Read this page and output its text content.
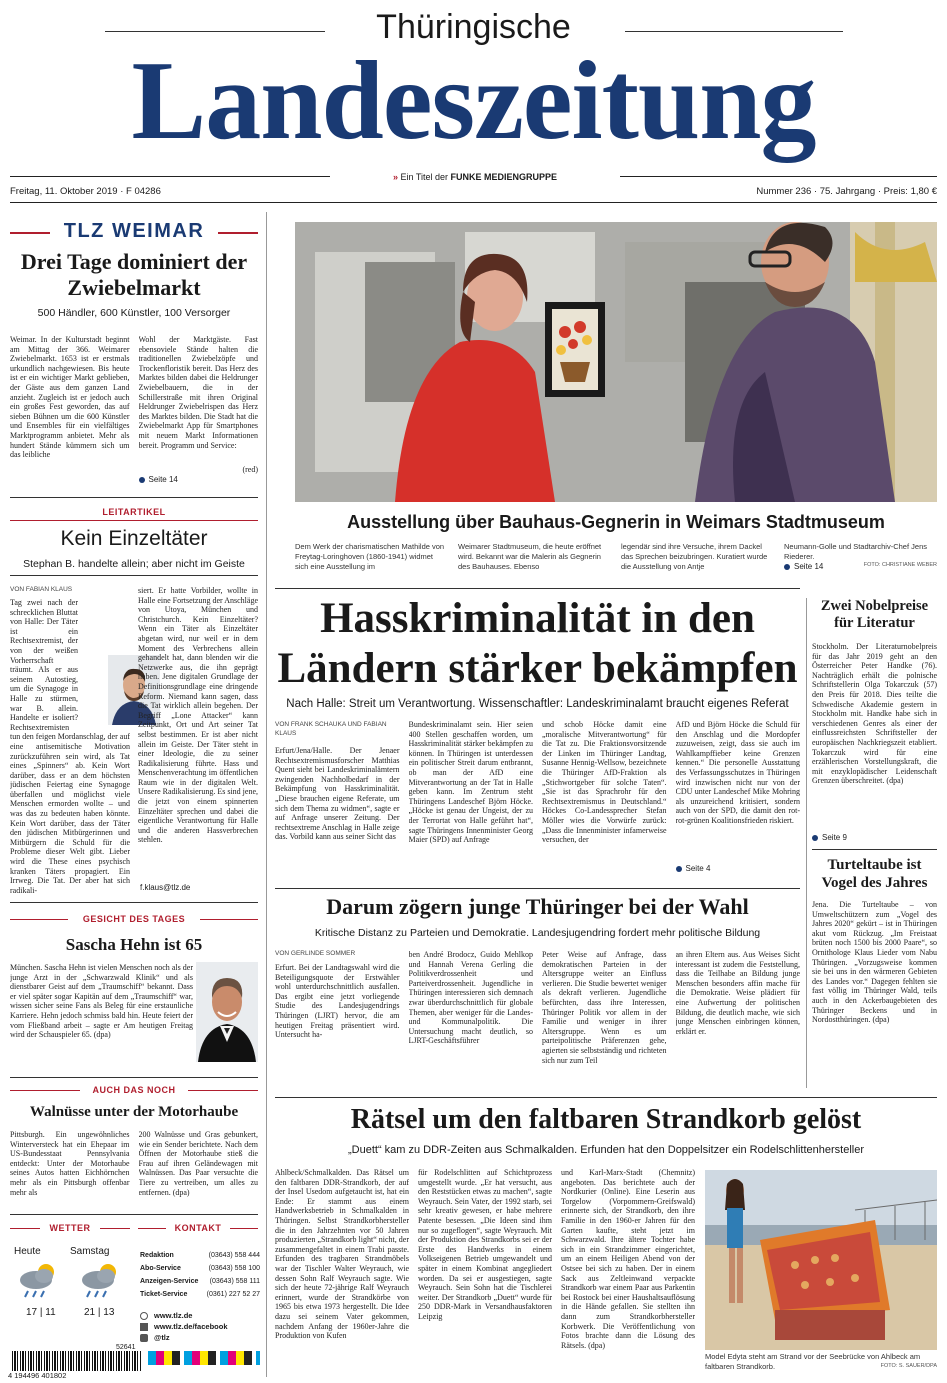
Thüringische
Landeszeitung
» Ein Titel der FUNKE MEDIENGRUPPE
Freitag, 11. Oktober 2019 · F 04286	Nummer 236 · 75. Jahrgang · Preis: 1,80 €
TLZ WEIMAR
Drei Tage dominiert der Zwiebelmarkt
500 Händler, 600 Künstler, 100 Versorger
Weimar. In der Kulturstadt beginnt am Mittag der 366. Weimarer Zwiebelmarkt. 1653 ist er erstmals urkundlich nachgewiesen. Bis heute ist er ein wichtiger Markt geblieben, der Gäste aus dem ganzen Land anzieht. Zugleich ist er jedoch auch ein großes Fest geworden, das auf sieben Bühnen um die 600 Künstler und Ensembles für ein vielfältiges Marktprogramm anbietet. Mehr als hundert Stände kümmern sich um das leibliche
Wohl der Marktgäste. Fast ebensoviele Stände halten die traditionellen Zwiebelzöpfe und Trockenfloristik bereit. Das Herz des Marktes bilden dabei die Heldrunger Zwiebelbauern, die in der Schillerstraße mit ihren Original Heldrunger Zwiebelrispen das Herz des Marktes bilden. Die Stadt hat die Zwiebelmarkt App für Smartphones mit neuem Markt Informationen bereit. Programm und Service:
(red)
Seite 14
LEITARTIKEL
Kein Einzeltäter
Stephan B. handelte allein; aber nicht im Geiste
VON FABIAN KLAUS
Tag zwei nach der schrecklichen Bluttat von Halle: Der Täter ist ein Rechtsextremist, der von der weißen Vorherrschaft träumt. Als er aus seinem Autostieg, um die Synagoge in Halle zu stürmen, war B. allein. Handelte er isoliert? Rechtsextremisten tun den feigen Mordanschlag, der auf eine antisemitische Motivation zurückzuführen sein wird, als Tat eines „Spinners“ ab. Kein Wort darüber, dass er an dem höchsten jüdischen Feiertag eine Synagoge überfallen und möglichst viele Menschen ermorden wollte – und was das zu bedeuten haben könnte. Kein Wort darüber, dass der Täter den jüdischen Mitbürgerinnen und Mitbürgern die Schuld für die Probleme dieser Welt gibt. Lieber wird die These eines psychisch kranken Täters propagiert. Ein Irrweg. Die Tat. Der aber hat sich radikali-
siert. Er hatte Vorbilder, wollte in Halle eine Fortsetzung der Anschläge von Utoya, München und Christchurch. Kein Einzeltäter? Wenn ein Täter als Einzeltäter abgetan wird, nur weil er in dem Moment des Verbrechens allein gehandelt hat, dann blenden wir die Netzwerke aus, die ihn geprägt haben. Jene digitalen Grundlage der Definitionsgrundlage eine dringende Reform. Niemand kann sagen, dass die Tat wirklich allein begehen. Der Begriff „Lone Attacker“ kann Zeitpunkt, Ort und Art seiner Tat selbst bestimmen. Er ist aber nicht allein im Geiste. Der Täter steht in einer Ideologie, die zu seiner Radikalisierung führte. Hass und Menschenverachtung im öffentlichen Raum wie in der digitalen Welt. Unsere Radikalisierung. Es sind jene, die jetzt von einem spinnerten Einzeltäter sprechen und dabei die eigentliche Verantwortung für Halle und die anderen Hassverbrechen stehlen.
f.klaus@tlz.de
GESICHT DES TAGES
Sascha Hehn ist 65
München. Sascha Hehn ist vielen Menschen noch als der junge Arzt in der „Schwarzwald Klinik“ und als dienstbarer Geist auf dem „Traumschiff“ bekannt. Dass er viel später sogar Kapitän auf dem „Traumschiff“ war, wissen sicher seine Fans als Beleg für eine erstaunliche Karriere. Hehn jedoch schmiss bald hin. Heute feiert der vom Fließband arbeit – sagte er Am heutigen Freitag wird der Schauspieler 65. (dpa)
AUCH DAS NOCH
Walnüsse unter der Motorhaube
Pittsburgh. Ein ungewöhnliches Winterversteck hat ein Ehepaar im US-Bundesstaat Pennsylvania entdeckt: Unter der Motorhaube seines Autos hatten Eichhörnchen mehr als ein Pittsburgh offenbar mehr als
200 Walnüsse und Gras gebunkert, wie ein Sender berichtete. Nach dem Öffnen der Motorhaube stieß die Frau auf ihren Geländewagen mit Walnüssen. Das Paar versuchte die Tiere zu vertreiben, um alles zu entfernen. (dpa)
WETTER	KONTAKT
Heute	Samstag
17 | 11	21 | 13
Redaktion	(03643) 558 444
Abo-Service	(03643) 558 100
Anzeigen-Service (03643) 558 111
Ticket-Service	(0361) 227 52 27
www.tlz.de
www.tlz.de/facebook
@tlz
52641
4 194496 401802
Ausstellung über Bauhaus-Gegnerin in Weimars Stadtmuseum
Dem Werk der charismatischen Mathilde von Freytag-Loringhoven (1860-1941) widmet sich eine Ausstellung im
Weimarer Stadtmuseum, die heute eröffnet wird. Bekannt war die Malerin als Gegnerin des Bauhauses. Ebenso
legendär sind ihre Versuche, ihrem Dackel das Sprechen beizubringen. Kuratiert wurde die Ausstellung von Antje
Neumann-Golle und Stadtarchiv-Chef Jens Riederer.
Seite 14	FOTO: CHRISTIANE WEBER
Hasskriminalität in den Ländern stärker bekämpfen
Nach Halle: Streit um Verantwortung. Wissenschaftler: Landeskriminalamt braucht eigenes Referat
VON FRANK SCHAUKA UND FABIAN KLAUS
Erfurt/Jena/Halle. Der Jenaer Rechtsextremismusforscher Matthias Quent sieht bei Landeskriminalämtern zwingenden Nachholbedarf in der Bekämpfung von Hasskriminalität. „Diese brauchen eigene Referate, um sich dem Thema zu widmen“, sagte er auf Anfrage unserer Zeitung. Der rechtsextreme Anschlag in Halle zeige das. Vorbild kann aus seiner Sicht das
Bundeskriminalamt sein. Hier seien 400 Stellen geschaffen worden, um Hasskriminalität stärker bekämpfen zu können. In Thüringen ist unterdessen ein politischer Streit darum entbrannt, ob man der AfD eine Mitverantwortung an der Tat in Halle geben kann. Im Zentrum steht Thüringens Landeschef Björn Höcke. „Höcke ist genau der Ungeist, der zu der Terrortat von Halle geführt hat“, sagte Thüringens Innenminister Georg Maier (SPD) auf Anfrage
und schob Höcke damit eine „moralische Mitverantwortung“ für die Tat zu. Die Fraktionsvorsitzende der Linken im Thüringer Landtag, Susanne Hennig-Wellsow, bezeichnete die Thüringer AfD-Fraktion als „Stichwortgeber für solche Taten“. „Sie ist das Sprachrohr für den Rechtsextremismus in Deutschland.“ Höckes Co-Landessprecher Stefan Möller wies die Vorwürfe zurück: „Dass die Innenminister infamerweise versuchen, der
AfD und Björn Höcke die Schuld für den Anschlag und die Mordopfer zuzuweisen, zeigt, dass sie auch im Wahlkampffieber keine Grenzen kennen.“ Die personelle Ausstattung des Verfassungsschutzes in Thüringen wird inzwischen nicht nur von der CDU unter Landeschef Mike Mohring als unzureichend kritisiert, sondern auch von der SPD, die damit den rot-rot-grünen Koalitionsfrieden riskiert.
Seite 4
Zwei Nobelpreise für Literatur
Stockholm. Der Literaturnobelpreis für das Jahr 2019 geht an den Österreicher Peter Handke (76). Nachträglich erhält die polnische Schriftstellerin Olga Tokarczuk (57) den Preis für 2018. Dies teilte die Schwedische Akademie gestern in Stockholm mit. Handke habe sich in verschiedenen Genres als einer der einflussreichsten Schriftsteller der europäischen Nachkriegszeit etabliert. Tokarczuk wird für eine erzählerischen Vorstellungskraft, die mit enzyklopädischer Leidenschaft Grenzen überschreitet. (dpa)
Seite 9
Turteltaube ist Vogel des Jahres
Jena. Die Turteltaube – von Umweltschützern zum „Vogel des Jahres 2020“ gekürt – ist in Thüringen akut vom Rückzug. „Im Freistaat brüten noch 1500 bis 2000 Paare“, so Ornithologe Klaus Lieder vom Nabu Thüringen. „Vorzugsweise kommen sie bei uns in den wärmeren Gebieten des Landes vor.“ Dagegen fehlten sie fast völlig im Thüringer Wald, teils auch in den Ackerbaugebieten des Thüringer Beckens und in Nordostthüringen. (dpa)
Darum zögern junge Thüringer bei der Wahl
Kritische Distanz zu Parteien und Demokratie. Landesjugendring fordert mehr politische Bildung
VON GERLINDE SOMMER
Erfurt. Bei der Landtagswahl wird die Beteiligungsquote der Erstwähler wohl unterdurchschnittlich ausfallen. Das ergibt eine jetzt vorliegende Studie des Landesjugendrings Thüringen (LJRT) hervor, die am heutigen Freitag präsentiert wird. Untersucht ha-
ben André Brodocz, Guido Mehlkop und Hannah Verena Gerling die Politikverdrossenheit und Parteiverdrossenheit. Jugendliche in Thüringen interessieren sich demnach zwar überdurchschnittlich für globale Themen, aber weniger für die Landes- und Kommunalpolitik. Die Untersuchung macht deutlich, so LJRT-Geschäftsführer
Peter Weise auf Anfrage, dass demokratischen Parteien in der Altersgruppe weiter an Einfluss verlieren. Die Studie bewertet weniger als dekraft verlieren. Jugendliche befürchten, dass ihre Interessen, Thüringer Politik vor allem in der Familie und weniger in ihrer Altersgruppe. Wenn es um parteipolitische Präferenzen gehe, agierten sie selbstständig und richteten sich nur zum Teil
an ihren Eltern aus. Aus Weises Sicht interessant ist zudem die Feststellung, dass die Teilhabe an Bildung junge Menschen besonders affin mache für die Demokratie. Weise plädiert für eine Aufwertung der politischen Bildung, die deutlich mache, wie sich junge Menschen einbringen können, erklärt er.
Rätsel um den faltbaren Strandkorb gelöst
„Duett“ kam zu DDR-Zeiten aus Schmalkalden. Erfunden hat den Doppelsitzer ein Rodelschlittenhersteller
Ahlbeck/Schmalkalden. Das Rätsel um den faltbaren DDR-Strandkorb, der auf der Insel Usedom aufgetaucht ist, hat ein Ende: Er stammt aus einem Handwerksbetrieb in Schmalkalden in Thüringen. Selbst Strandkorbhersteller die in den Jahrzehnten vor 50 Jahren produzierten „Strandkorb light“ nicht, der zusammengefaltet in einem Trabi passte. Erfunden des tragbaren Strandmöbels war der Tischler Walter Weyrauch, wie dessen Sohn Ralf Weyrauch sagte. Wie sich der heute 72-jährige Ralf Weyrauch erinnert, wurde der Strandkörbe von 1965 bis etwa 1973 hergestellt. Die Idee dazu sei seinem Vater gekommen, nachdem Anfang der 1960er-Jahre die Produktion von Kufen
für Rodelschlitten auf Schichtprozess umgestellt wurde. „Er hat versucht, aus den Reststücken etwas zu machen“, sagte Weyrauch. Sein Vater, der 1992 starb, sei sehr kreativ gewesen, er habe mehrere Patente besessen. „Die Ideen sind ihm nur so zugeflogen“, sagte Weyrauch. Mit der Produktion des Strandkorbs sei er der Erste des Handwerks in einem Volkseigenen Betrieb umgewandelt und später in einem Kombinat angegliedert worden. Da sei er ausgestiegen, sagte Weyrauch. Sein Sohn hat die Tischlerei weiter. Der Strandkorb „Duett“ wurde für 250 DDR-Mark in Versandhausfaktoren Leipzig
und Karl-Marx-Stadt (Chemnitz) angeboten. Das berichtete auch der Nordkurier (Online). Eine Leserin aus Torgelow (Vorpommern-Greifswald) erinnerte sich, der Strandkorb, den ihre Familie in den 1960-er Jahren für den Garten kaufte, steht jetzt im Schwarzwald. Ihre ältere Tochter habe sich in ein Strandzimmer eingerichtet, um an einem Heiligen Abend von der Ostsee bei sich zu haben. Der in einem Sack aus Zeltleinwand verpackte Strandkorb war einem Paar aus Parkentin bei Rostock bei einer Haushaltsauflösung in die Hände gefallen. Sie stellten ihn dann zum Strandkorbhersteller Korbwerk. Die Veröffentlichung von Fotos brachte dann die Lösung des Rätsels. (dpa)
Model Edyta steht am Strand vor der Seebrücke von Ahlbeck am faltbaren Strandkorb.	FOTO: S. SAUER/DPA
